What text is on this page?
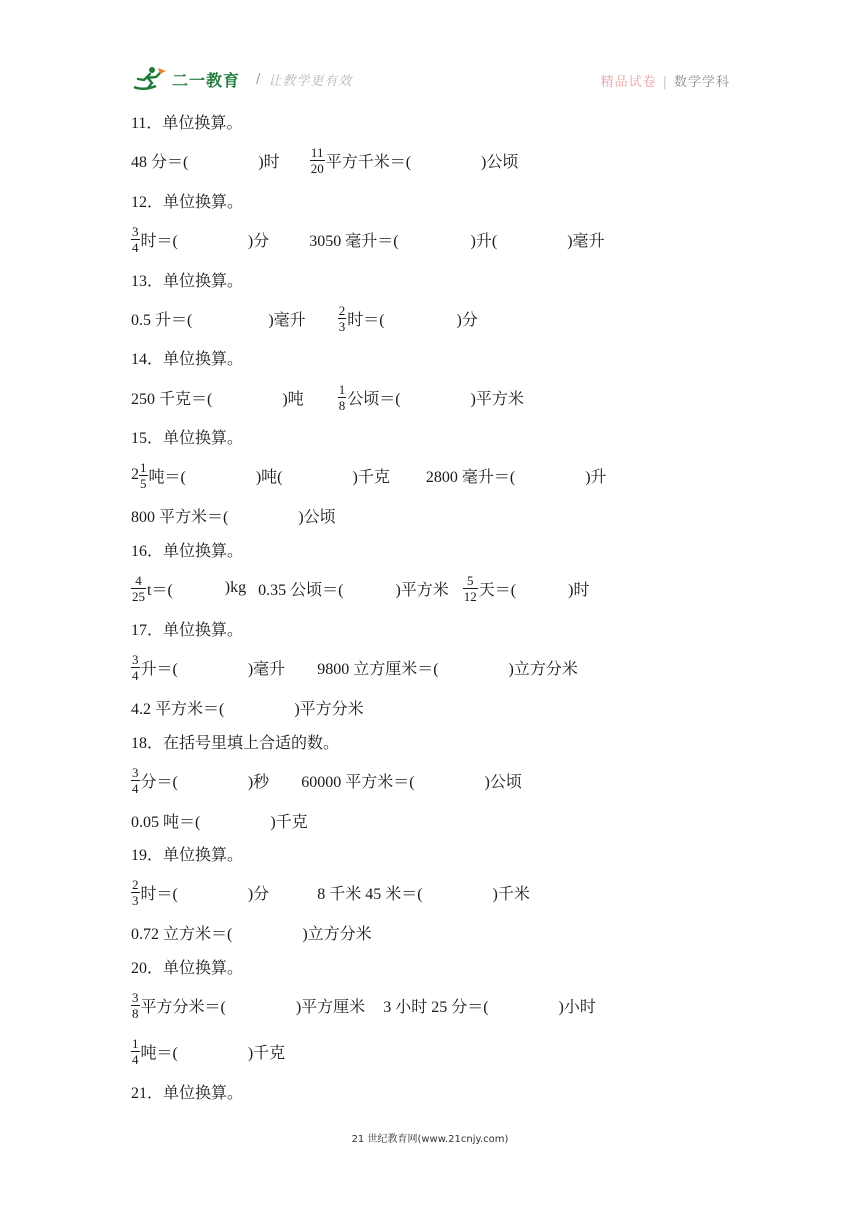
二一教育 / 让教学更有效	精品试卷 | 数学学科
11．单位换算。
48 分＝(	)时 $\frac{11}{20}$ 平方千米＝(	)公顷
12．单位换算。
$\frac{3}{4}$ 时＝(	)分	3050 毫升＝(	)升(	)毫升
13．单位换算。
0.5 升＝(	)毫升 $\frac{2}{3}$ 时＝(	)分
14．单位换算。
250 千克＝(	)吨	$\frac{1}{8}$ 公顷＝(	)平方米
15．单位换算。
$2 \frac{1}{5}$ 吨＝(	)吨(	)千克 2800 毫升＝(	)升
800 平方米＝(	)公顷
16．单位换算。
$\frac{4}{25} t=$(	)kg 0.35 公顷＝(	)平方米 $\frac{5}{12}$ 天＝(	)时
17．单位换算。
$\frac{3}{4}$ 升＝(	)毫升 9800 立方厘米＝(	)立方分米
4.2 平方米＝(	)平方分米
18．在括号里填上合适的数。
$\frac{3}{4}$ 分＝(	)秒 60000 平方米＝(	)公顷
0.05 吨＝(	)千克
19．单位换算。
$\frac{2}{3}$ 时＝(	)分	8 千米 45 米＝(	)千米
0.72 立方米＝(	)立方分米
20．单位换算。
$\frac{3}{8}$ 平方分米＝(	)平方厘米 3 小时 25 分＝(	)小时
$\frac{1}{4}$ 吨＝(	)千克
21．单位换算。
21 世纪教育网(www.21cnjy.com)
